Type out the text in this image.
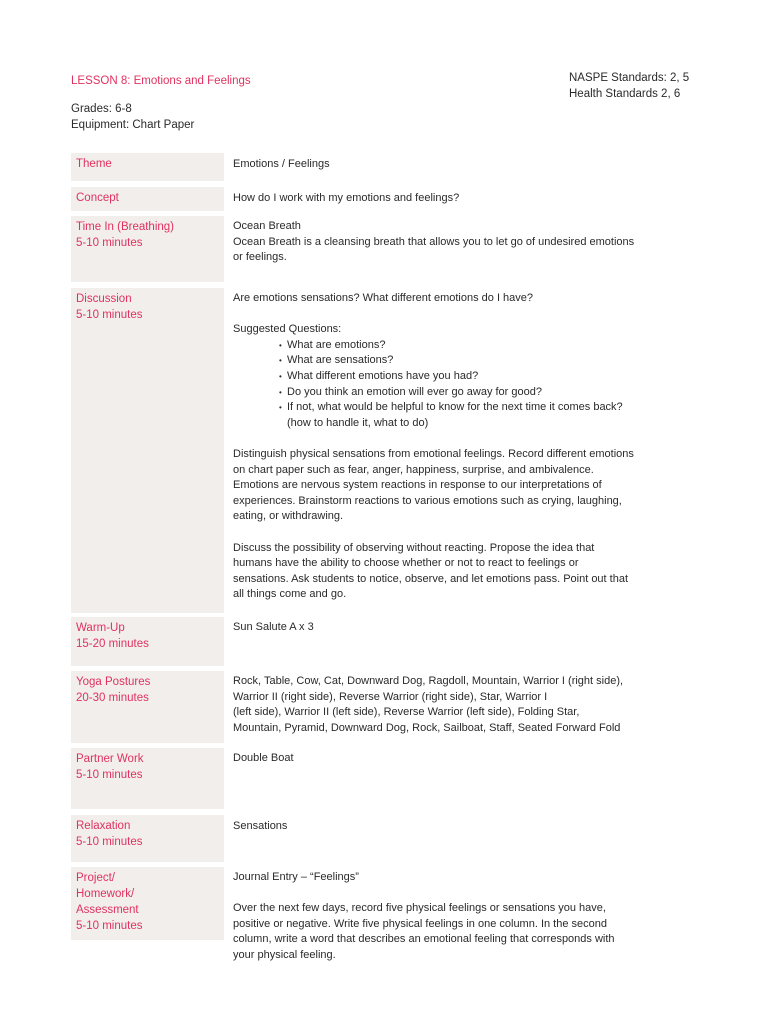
LESSON 8: Emotions and Feelings
Grades: 6-8
Equipment: Chart Paper
NASPE Standards: 2, 5
Health Standards 2, 6
Theme	Emotions / Feelings

Concept	How do I work with my emotions and feelings?

Time In (Breathing)
5-10 minutes

Ocean Breath

Ocean Breath is a cleansing breath that allows you to let go of undesired emotions

or feelings.

Discussion
5-10 minutes

Are emotions sensations? What different emotions do I have?

Suggested Questions:

• What are emotions?
• What are sensations?
• What different emotions have you had?
• Do you think an emotion will ever go away for good?
• If not, what would be helpful to know for the next time it comes back?

(how to handle it, what to do)

Distinguish physical sensations from emotional feelings. Record different emotions

on chart paper such as fear, anger, happiness, surprise, and ambivalence.

Emotions are nervous system reactions in response to our interpretations of

experiences. Brainstorm reactions to various emotions such as crying, laughing,

eating, or withdrawing.

Discuss the possibility of observing without reacting. Propose the idea that

humans have the ability to choose whether or not to react to feelings or

sensations. Ask students to notice, observe, and let emotions pass. Point out that

all things come and go.

Warm-Up
15-20 minutes

Sun Salute A x 3

Yoga Postures
20-30 minutes

Rock, Table, Cow, Cat, Downward Dog, Ragdoll, Mountain, Warrior I (right side),

Warrior II (right side), Reverse Warrior (right side), Star, Warrior I

(left side), Warrior II (left side), Reverse Warrior (left side), Folding Star,

Mountain, Pyramid, Downward Dog, Rock, Sailboat, Staff, Seated Forward Fold

Partner Work
5-10 minutes

Double Boat

Relaxation
5-10 minutes

Sensations

Project/
Homework/
Assessment
5-10 minutes

Journal Entry – “Feelings”

Over the next few days, record five physical feelings or sensations you have,

positive or negative. Write five physical feelings in one column. In the second

column, write a word that describes an emotional feeling that corresponds with

your physical feeling.
